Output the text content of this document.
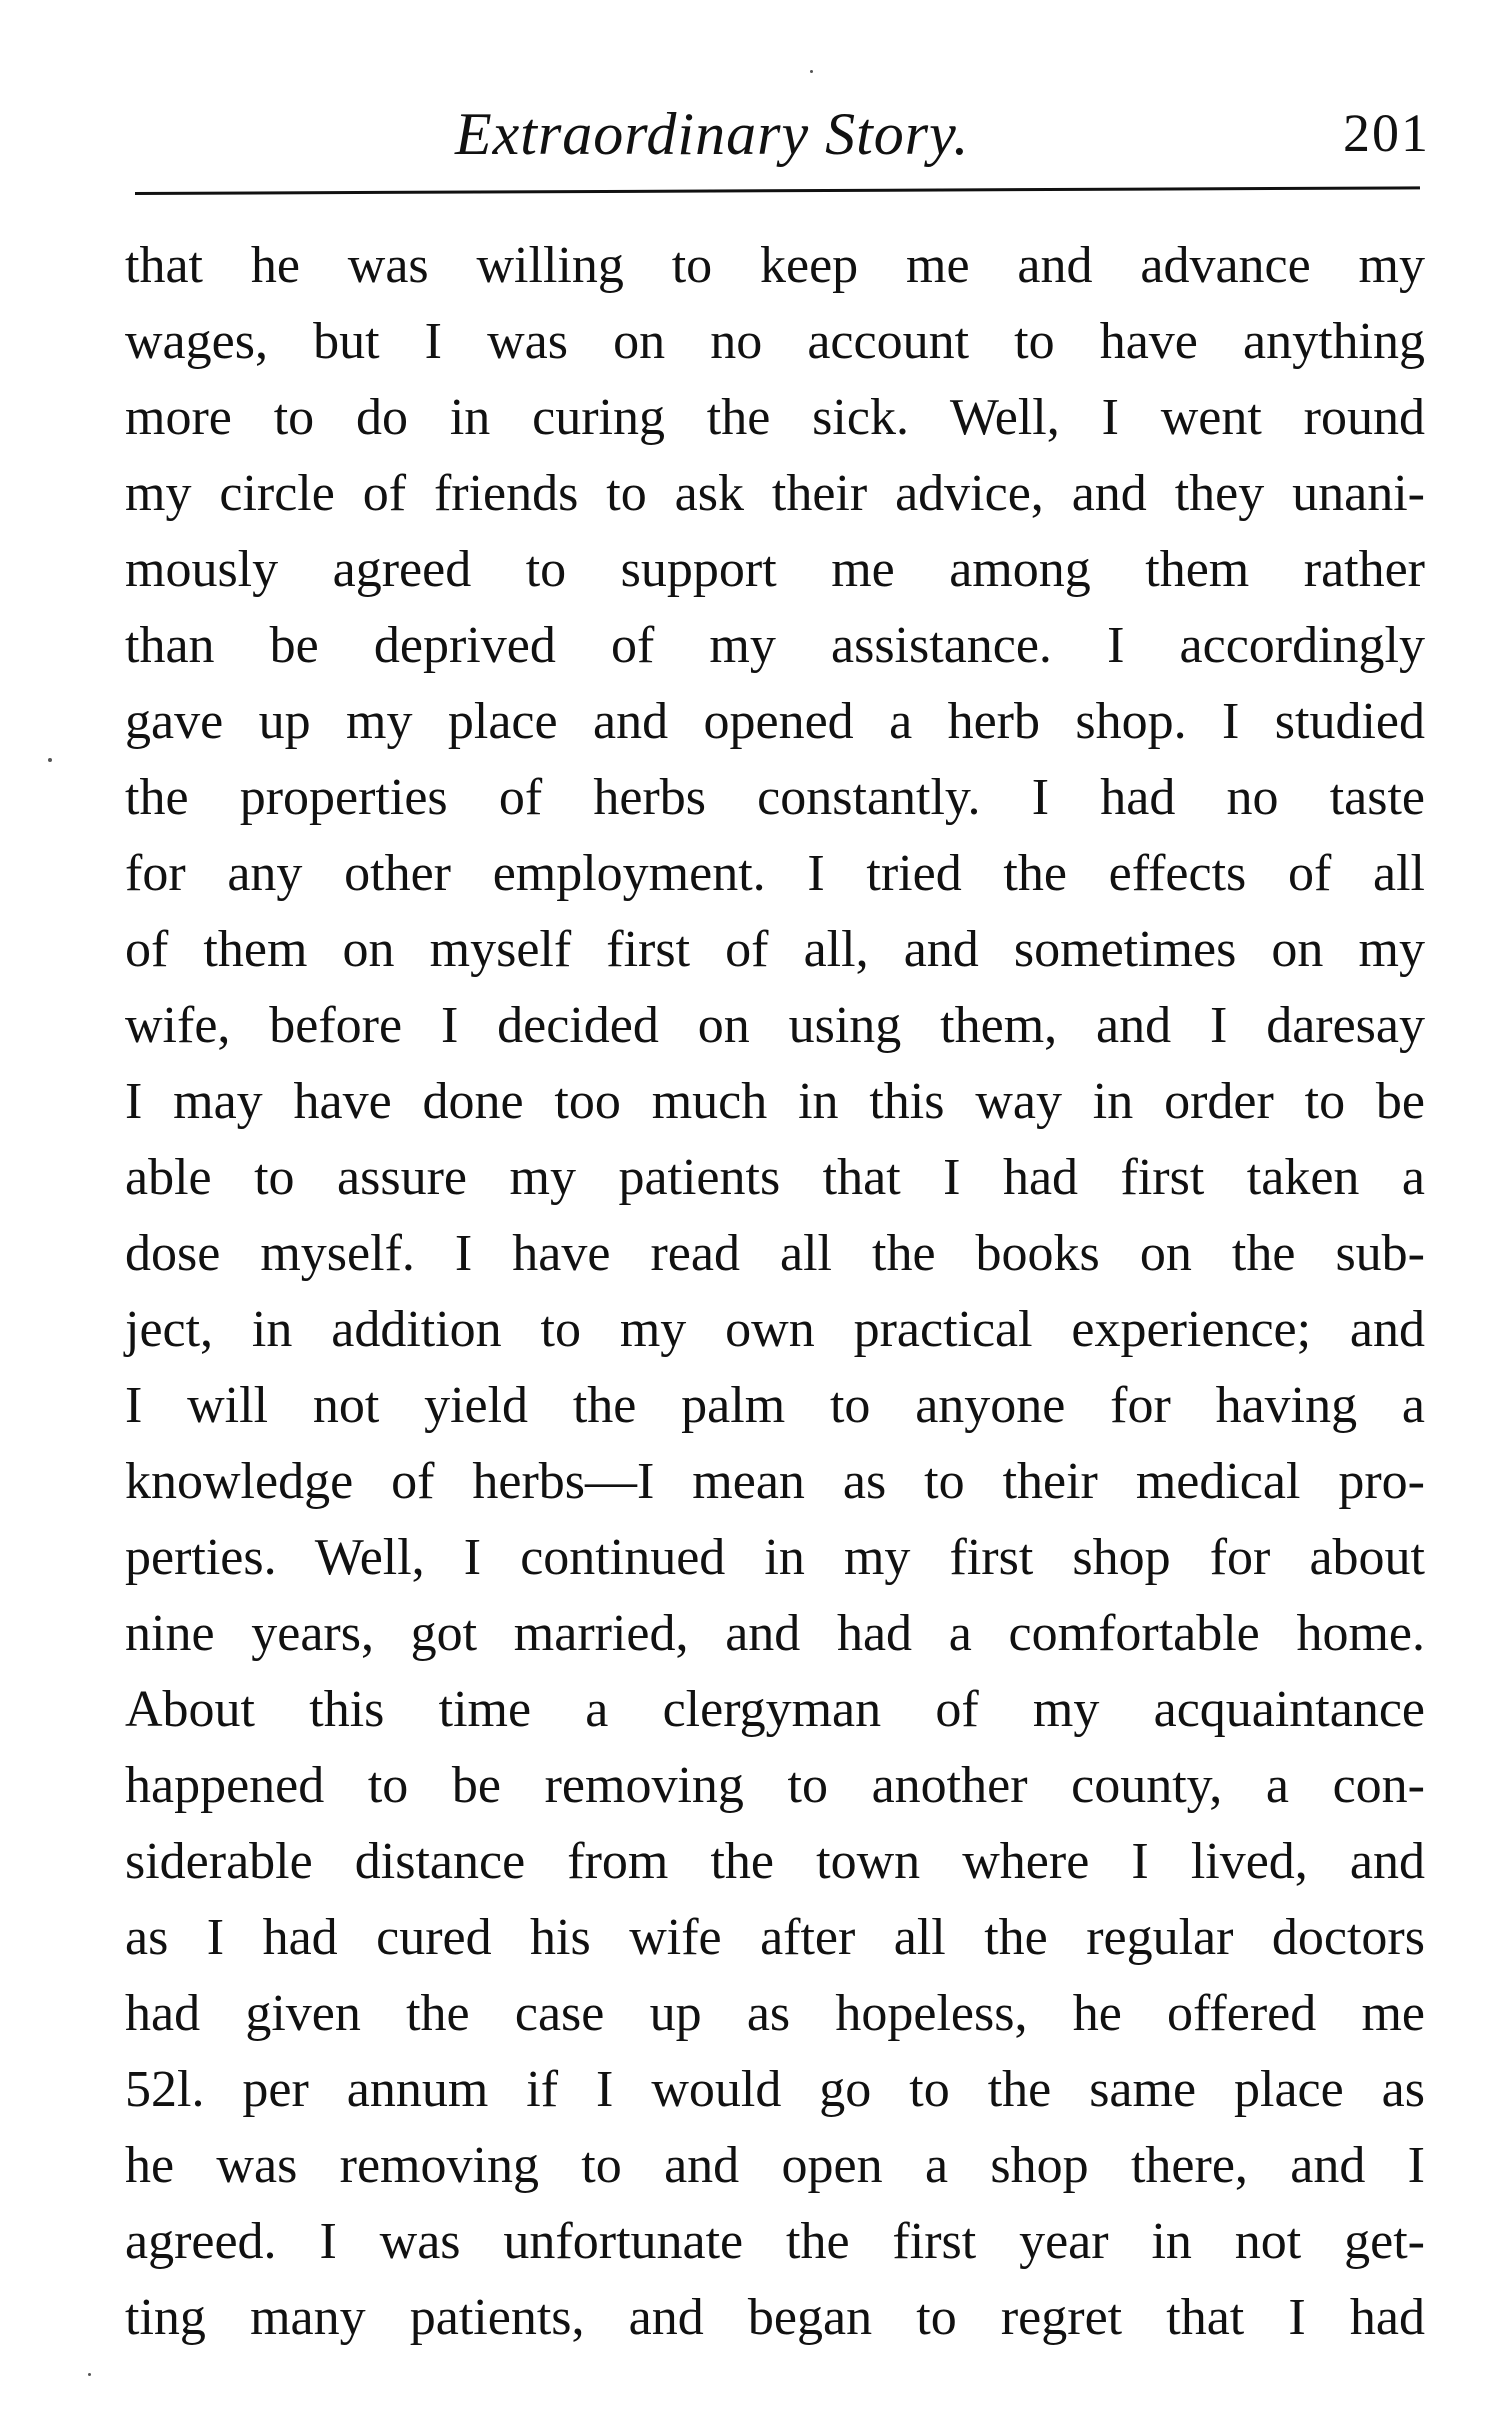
Extraordinary Story.	201
that he was willing to keep me and advance my
wages, but I was on no account to have anything
more to do in curing the sick. Well, I went round
my circle of friends to ask their advice, and they unani-
mously agreed to support me among them rather
than be deprived of my assistance. I accordingly
gave up my place and opened a herb shop. I studied
the properties of herbs constantly. I had no taste
for any other employment. I tried the effects of all
of them on myself first of all, and sometimes on my
wife, before I decided on using them, and I daresay
I may have done too much in this way in order to be
able to assure my patients that I had first taken a
dose myself. I have read all the books on the sub-
ject, in addition to my own practical experience; and
I will not yield the palm to anyone for having a
knowledge of herbs—I mean as to their medical pro-
perties. Well, I continued in my first shop for about
nine years, got married, and had a comfortable home.
About this time a clergyman of my acquaintance
happened to be removing to another county, a con-
siderable distance from the town where I lived, and
as I had cured his wife after all the regular doctors
had given the case up as hopeless, he offered me
52l. per annum if I would go to the same place as
he was removing to and open a shop there, and I
agreed. I was unfortunate the first year in not get-
ting many patients, and began to regret that I had
